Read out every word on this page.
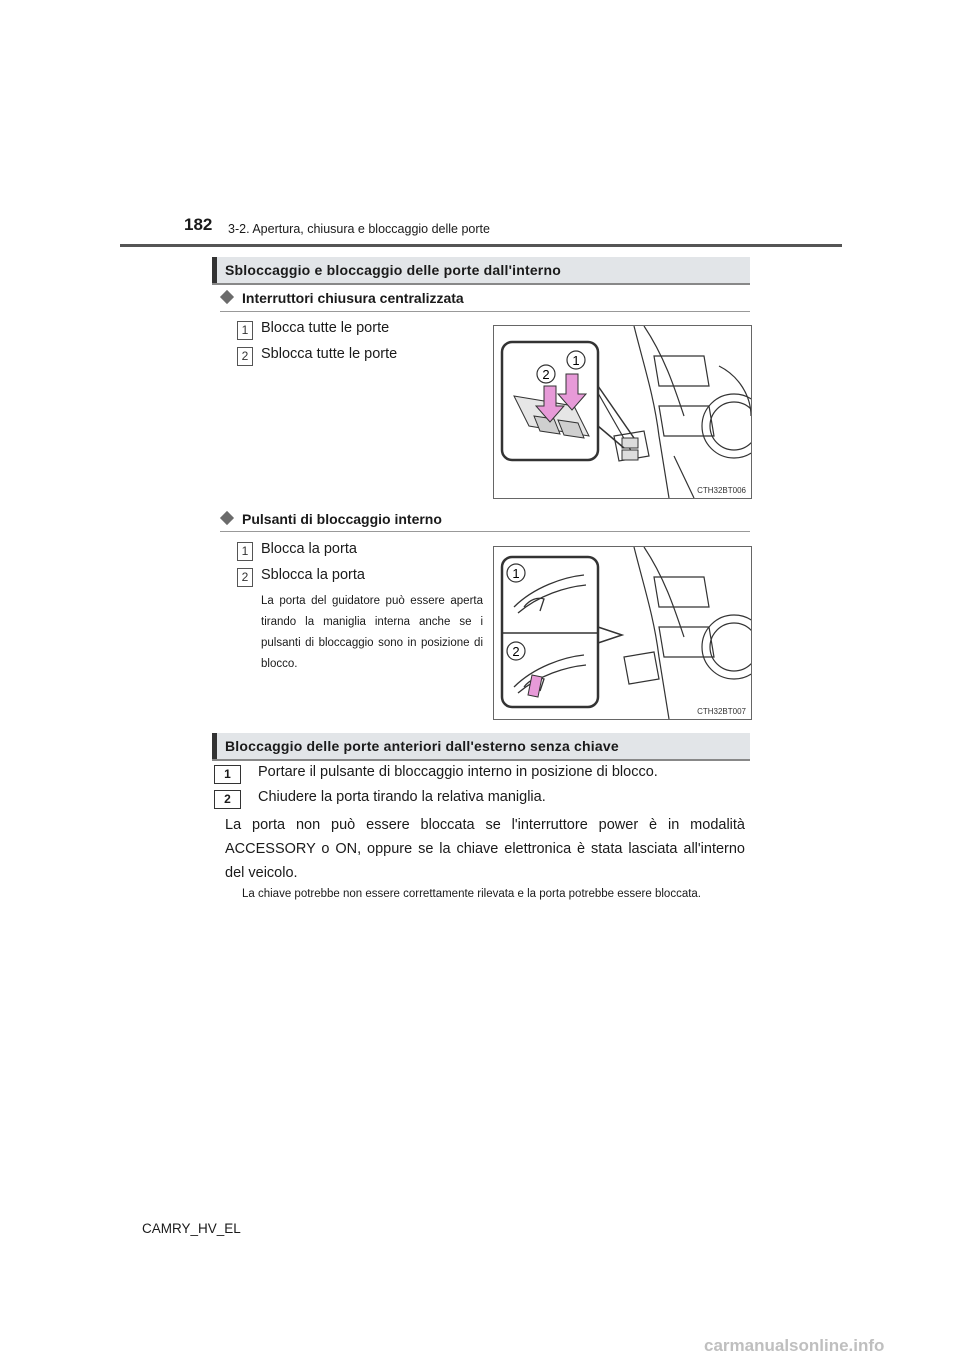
182 3-2. Apertura, chiusura e bloccaggio delle porte
Sbloccaggio e bloccaggio delle porte dall'interno
Interruttori chiusura centralizzata
1 Blocca tutte le porte
2 Sblocca tutte le porte
2
1
CTH32BT006
Pulsanti di bloccaggio interno
1 Blocca la porta
2 Sblocca la porta
La porta del guidatore può essere aperta tirando la maniglia interna anche se i pulsanti di bloccaggio sono in posizione di blocco.
1
2
CTH32BT007
Bloccaggio delle porte anteriori dall'esterno senza chiave
1	Portare il pulsante di bloccaggio interno in posizione di blocco.
2	Chiudere la porta tirando la relativa maniglia.
La porta non può essere bloccata se l'interruttore power è in modalità ACCESSORY o ON, oppure se la chiave elettronica è stata lasciata all'interno del veicolo.
La chiave potrebbe non essere correttamente rilevata e la porta potrebbe essere bloccata.
CAMRY_HV_EL
carmanualsonline.info
